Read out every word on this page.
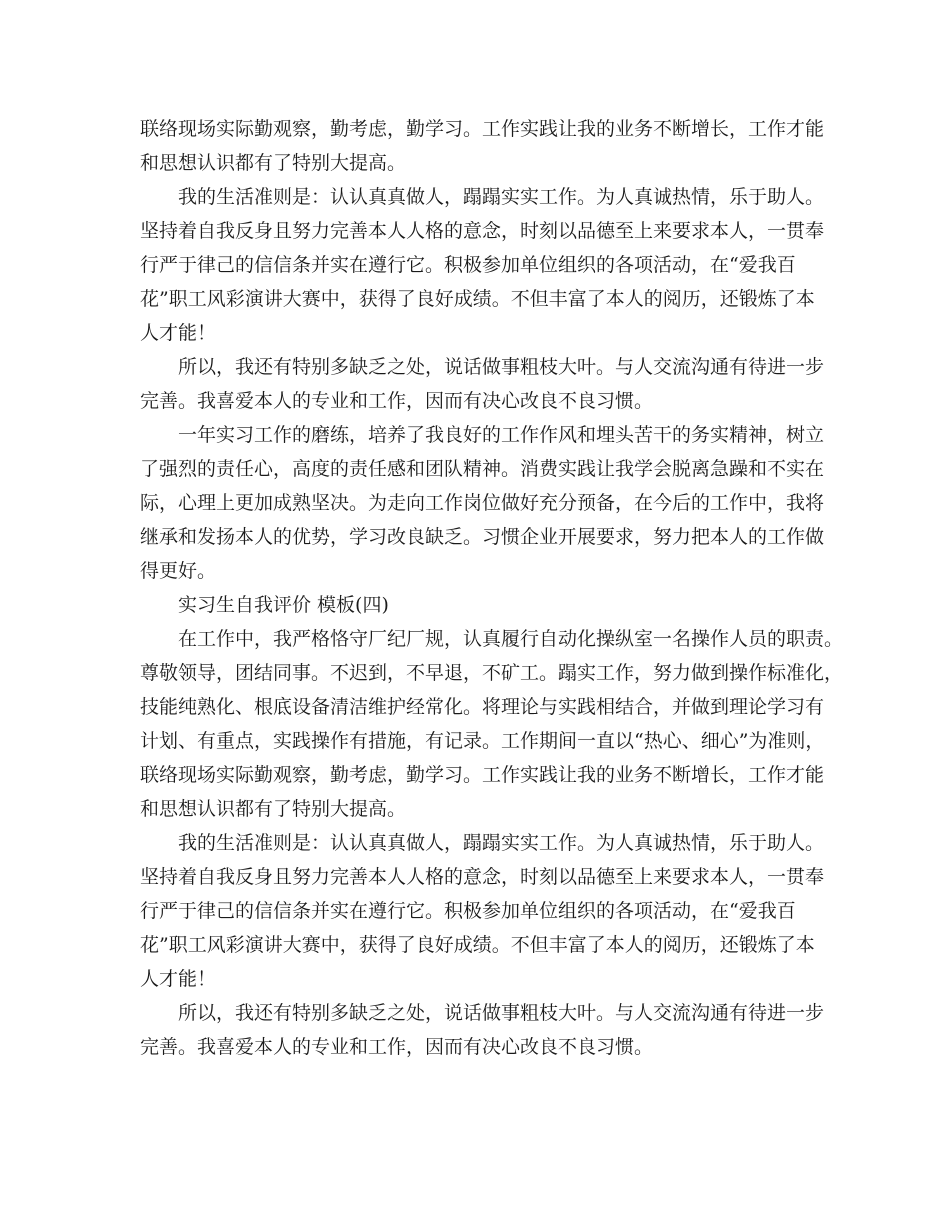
联络现场实际勤观察，勤考虑，勤学习。工作实践让我的业务不断增长，工作才能
和思想认识都有了特别大提高。
我的生活准则是：认认真真做人，蹋蹋实实工作。为人真诚热情，乐于助人。
坚持着自我反身且努力完善本人人格的意念，时刻以品德至上来要求本人，一贯奉
行严于律己的信信条并实在遵行它。积极参加单位组织的各项活动，在“爱我百
花”职工风彩演讲大赛中，获得了良好成绩。不但丰富了本人的阅历，还锻炼了本
人才能！
所以，我还有特别多缺乏之处，说话做事粗枝大叶。与人交流沟通有待进一步
完善。我喜爱本人的专业和工作，因而有决心改良不良习惯。
一年实习工作的磨练，培养了我良好的工作作风和埋头苦干的务实精神，树立
了强烈的责任心，高度的责任感和团队精神。消费实践让我学会脱离急躁和不实在
际，心理上更加成熟坚决。为走向工作岗位做好充分预备，在今后的工作中，我将
继承和发扬本人的优势，学习改良缺乏。习惯企业开展要求，努力把本人的工作做
得更好。
实习生自我评价 模板(四)
在工作中，我严格恪守厂纪厂规，认真履行自动化操纵室一名操作人员的职责。
尊敬领导，团结同事。不迟到，不早退，不矿工。蹋实工作，努力做到操作标准化，
技能纯熟化、根底设备清洁维护经常化。将理论与实践相结合，并做到理论学习有
计划、有重点，实践操作有措施，有记录。工作期间一直以“热心、细心”为准则，
联络现场实际勤观察，勤考虑，勤学习。工作实践让我的业务不断增长，工作才能
和思想认识都有了特别大提高。
我的生活准则是：认认真真做人，蹋蹋实实工作。为人真诚热情，乐于助人。
坚持着自我反身且努力完善本人人格的意念，时刻以品德至上来要求本人，一贯奉
行严于律己的信信条并实在遵行它。积极参加单位组织的各项活动，在“爱我百
花”职工风彩演讲大赛中，获得了良好成绩。不但丰富了本人的阅历，还锻炼了本
人才能！
所以，我还有特别多缺乏之处，说话做事粗枝大叶。与人交流沟通有待进一步
完善。我喜爱本人的专业和工作，因而有决心改良不良习惯。
